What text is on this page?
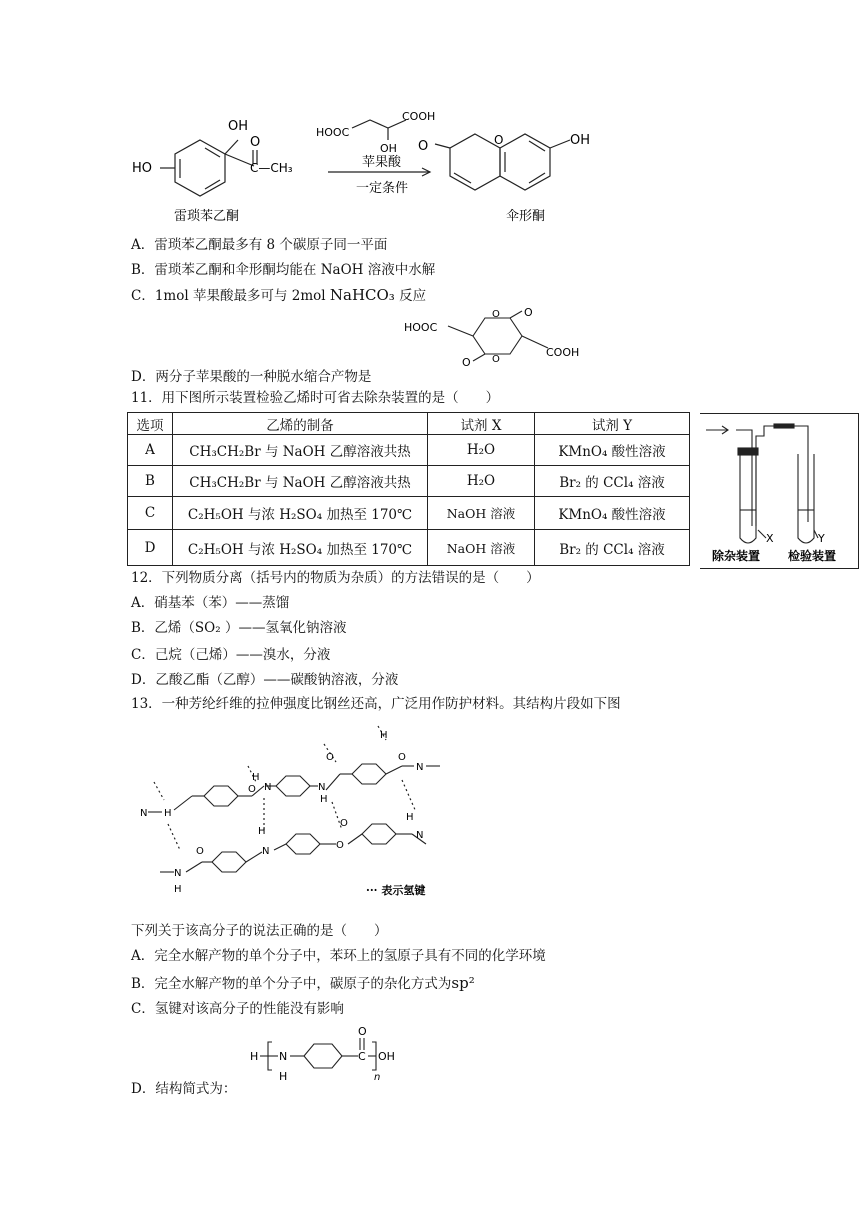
OH
O
C—CH₃
HO
HOOC
COOH
OH
苹果酸
一定条件
O	O	OH
雷琐苯乙酮	伞形酮
A．雷琐苯乙酮最多有 8 个碳原子同一平面
B．雷琐苯乙酮和伞形酮均能在 NaOH 溶液中水解
C．1mol 苹果酸最多可与 2mol NaHCO₃ 反应
HOOC
COOH
O
O
O
O
D．两分子苹果酸的一种脱水缩合产物是
11．用下图所示装置检验乙烯时可省去除杂装置的是（　　）
选项	乙烯的制备	试剂 X	试剂 Y
A	CH₃CH₂Br 与 NaOH 乙醇溶液共热	H₂O	KMnO₄ 酸性溶液
B	CH₃CH₂Br 与 NaOH 乙醇溶液共热	H₂O	Br₂ 的 CCl₄ 溶液
C	C₂H₅OH 与浓 H₂SO₄ 加热至 170℃	NaOH 溶液	KMnO₄ 酸性溶液
D	C₂H₅OH 与浓 H₂SO₄ 加热至 170℃	NaOH 溶液	Br₂ 的 CCl₄ 溶液
X	Y
除杂装置 检验装置
12．下列物质分离（括号内的物质为杂质）的方法错误的是（　　）
A．硝基苯（苯）——蒸馏
B．乙烯（SO₂ ）——氢氧化钠溶液
C．己烷（己烯）——溴水，分液
D．乙酸乙酯（乙醇）——碳酸钠溶液，分液
13．一种芳纶纤维的拉伸强度比钢丝还高，广泛用作防护材料。其结构片段如下图
N H
O N
H
N
O
H
H
N
O
H
N
N
H
O	N
H
O
O
··· 表示氢键
下列关于该高分子的说法正确的是（　　）
A．完全水解产物的单个分子中，苯环上的氢原子具有不同的化学环境
B．完全水解产物的单个分子中，碳原子的杂化方式为sp²
C．氢键对该高分子的性能没有影响
H N
H
C
O
OH
n
D．结构简式为：
